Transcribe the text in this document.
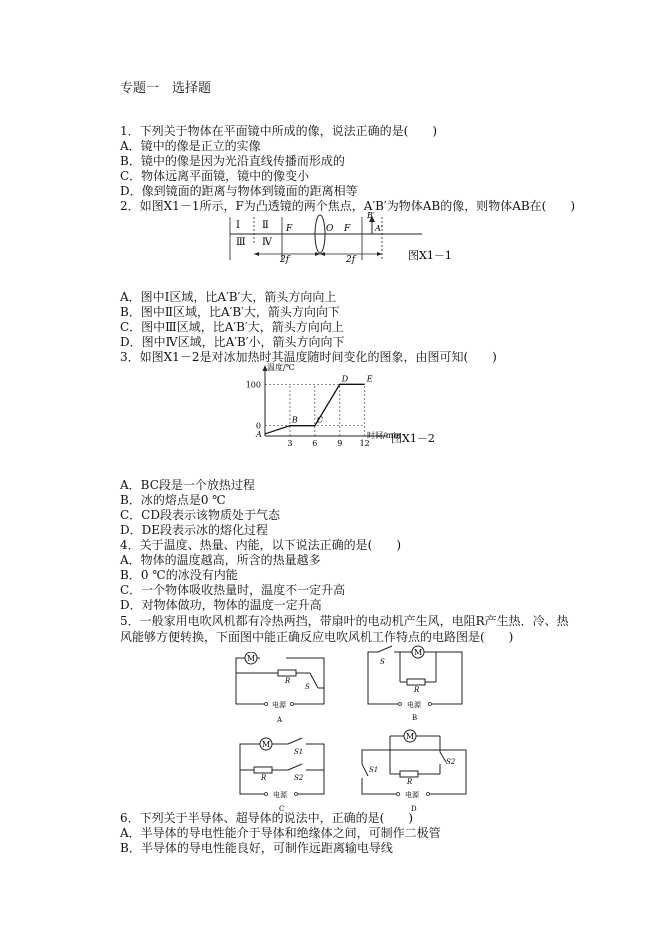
专题一　选择题
1．下列关于物体在平面镜中所成的像，说法正确的是(　　)
A．镜中的像是正立的实像
B．镜中的像是因为光沿直线传播而形成的
C．物体远离平面镜，镜中的像变小
D．像到镜面的距离与物体到镜面的距离相等
2．如图X1－1所示，F为凸透镜的两个焦点，A′B′为物体AB的像，则物体AB在(　　)
Ⅰ Ⅱ
Ⅲ Ⅳ
F	O F
B′
A′
2f	2f	图X1－1
A．图中Ⅰ区域，比A′B′大，箭头方向向上
B．图中Ⅱ区域，比A′B′大，箭头方向向下
C．图中Ⅲ区域，比A′B′大，箭头方向向上
D．图中Ⅳ区域，比A′B′小，箭头方向向下
3．如图X1－2是对冰加热时其温度随时间变化的图象，由图可知(　　)
温度/℃
时间/min
0
100
3 6 9 12
A
B C
D E
图X1－2
A．BC段是一个放热过程
B．冰的熔点是0 ℃
C．CD段表示该物质处于气态
D．DE段表示冰的熔化过程
4．关于温度、热量、内能，以下说法正确的是(　　)
A．物体的温度越高，所含的热量越多
B．0 ℃的冰没有内能
C．一个物体吸收热量时，温度不一定升高
D．对物体做功，物体的温度一定升高
5．一般家用电吹风机都有冷热两挡，带扇叶的电动机产生风，电阻R产生热．冷、热
风能够方便转换，下面图中能正确反应电吹风机工作特点的电路图是(　　)
M
R
S
电源
A
M
R
S
电源
B
M
S1
R	S2
电源
C
M
R
S1
S2
电源
D
6．下列关于半导体、超导体的说法中，正确的是(　　)
A．半导体的导电性能介于导体和绝缘体之间，可制作二极管
B．半导体的导电性能良好，可制作远距离输电导线
